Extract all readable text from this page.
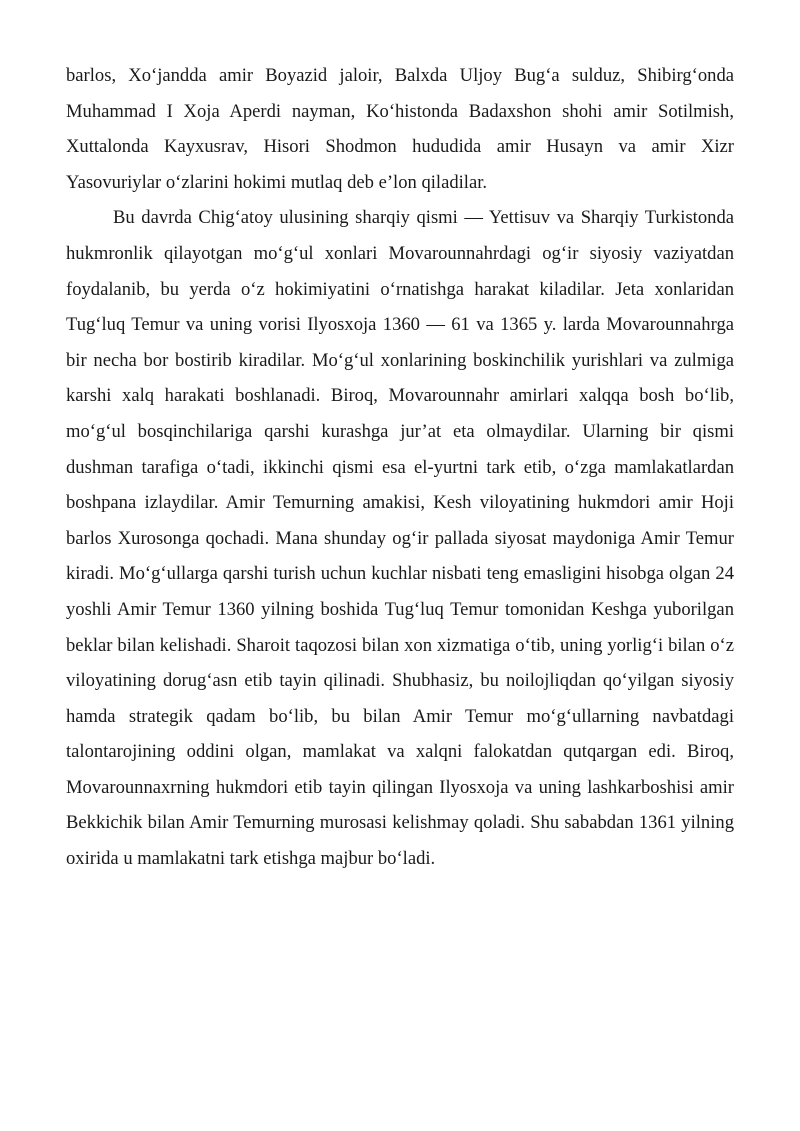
barlos, Xo‘jandda amir Boyazid jaloir, Balxda Uljoy Bug‘a sulduz, Shibirg‘onda Muhammad I Xoja Aperdi nayman, Ko‘histonda Badaxshon shohi amir Sotilmish, Xuttalonda Kayxusrav, Hisori Shodmon hududida amir Husayn va amir Xizr Yasovuriylar o‘zlarini hokimi mutlaq deb e’lon qiladilar.

Bu davrda Chig‘atoy ulusining sharqiy qismi — Yettisuv va Sharqiy Turkistonda hukmronlik qilayotgan mo‘g‘ul xonlari Movarounnahrdagi og‘ir siyosiy vaziyatdan foydalanib, bu yerda o‘z hokimiyatini o‘rnatishga harakat kiladilar. Jeta xonlaridan Tug‘luq Temur va uning vorisi Ilyosxoja 1360 — 61 va 1365 y. larda Movarounnahrga bir necha bor bostirib kiradilar. Mo‘g‘ul xonlarining boskinchilik yurishlari va zulmiga karshi xalq harakati boshlanadi. Biroq, Movarounnahr amirlari xalqqa bosh bo‘lib, mo‘g‘ul bosqinchilariga qarshi kurashga jur’at eta olmaydilar. Ularning bir qismi dushman tarafiga o‘tadi, ikkinchi qismi esa el-yurtni tark etib, o‘zga mamlakatlardan boshpana izlaydilar. Amir Temurning amakisi, Kesh viloyatining hukmdori amir Hoji barlos Xurosonga qochadi. Mana shunday og‘ir pallada siyosat maydoniga Amir Temur kiradi. Mo‘g‘ullarga qarshi turish uchun kuchlar nisbati teng emasligini hisobga olgan 24 yoshli Amir Temur 1360 yilning boshida Tug‘luq Temur tomonidan Keshga yuborilgan beklar bilan kelishadi. Sharoit taqozosi bilan xon xizmatiga o‘tib, uning yorlig‘i bilan o‘z viloyatining dorug‘asn etib tayin qilinadi. Shubhasiz, bu noilojliqdan qo‘yilgan siyosiy hamda strategik qadam bo‘lib, bu bilan Amir Temur mo‘g‘ullarning navbatdagi talontarojining oddini olgan, mamlakat va xalqni falokatdan qutqargan edi. Biroq, Movarounnaxrning hukmdori etib tayin qilingan Ilyosxoja va uning lashkarboshisi amir Bekkichik bilan Amir Temurning murosasi kelishmay qoladi. Shu sababdan 1361 yilning oxirida u mamlakatni tark etishga majbur bo‘ladi.
